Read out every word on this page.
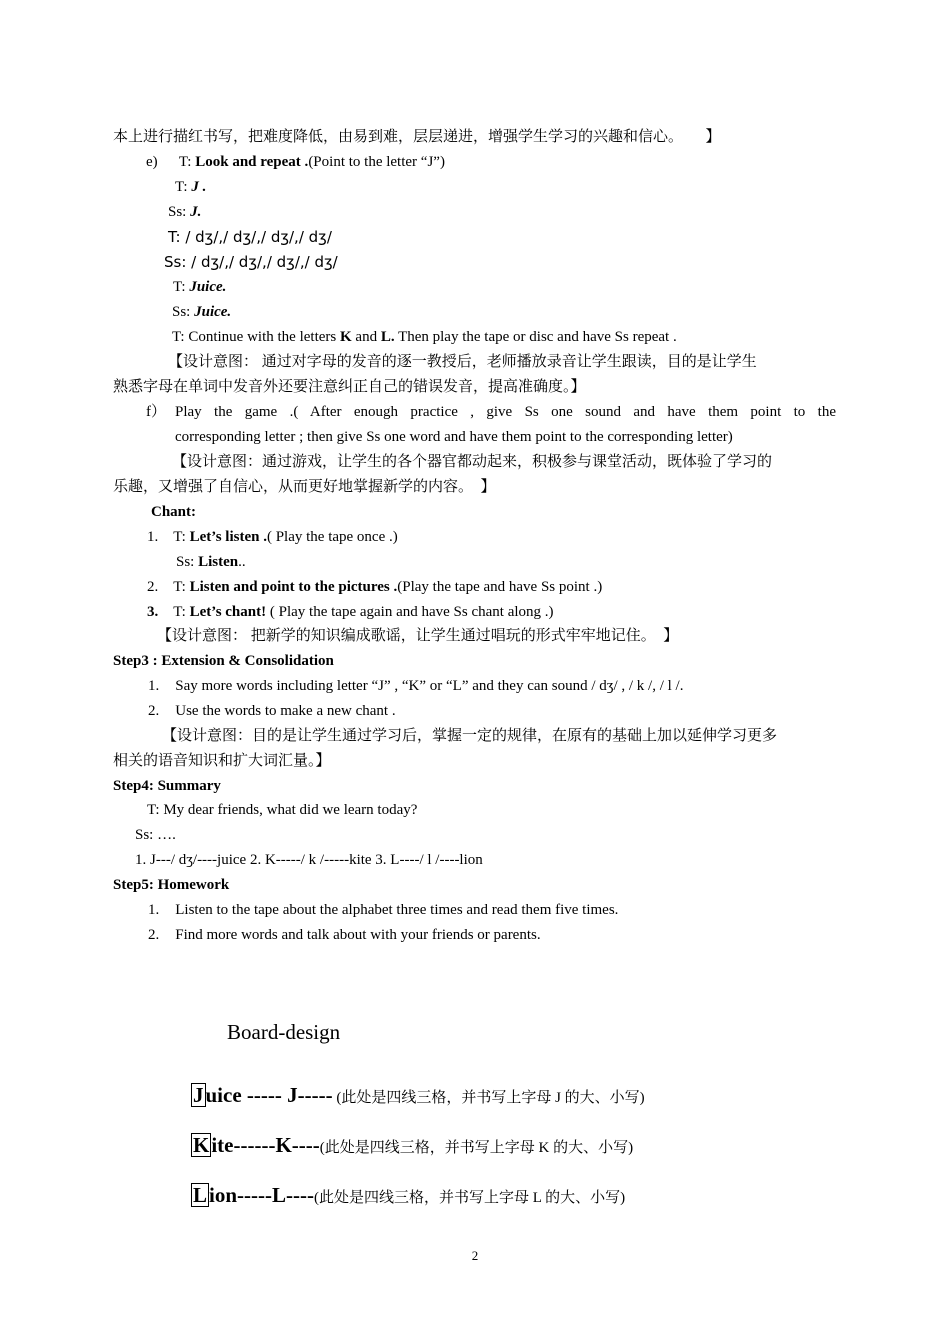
本上进行描红书写，把难度降低，由易到难，层层递进，增强学生学习的兴趣和信心。　　】
e) T: Look and repeat .(Point to the letter “J”)
T: J .
Ss: J.
T: / dʒ/,/ dʒ/,/ dʒ/,/ dʒ/
Ss: / dʒ/,/ dʒ/,/ dʒ/,/ dʒ/
T: Juice.
Ss: Juice.
T: Continue with the letters K and L. Then play the tape or disc and have Ss repeat .
【设计意图： 通过对字母的发音的逐一教授后，老师播放录音让学生跟读，目的是让学生
熟悉字母在单词中发音外还要注意纠正自己的错误发音，提高准确度。】
f） Play the game .( After enough practice , give Ss one sound and have them point to the
corresponding letter ; then give Ss one word and have them point to the corresponding letter)
【设计意图：通过游戏，让学生的各个器官都动起来，积极参与课堂活动，既体验了学习的
乐趣，又增强了自信心，从而更好地掌握新学的内容。　】
Chant:
1. T: Let’s listen .( Play the tape once .)
Ss: Listen..
2. T: Listen and point to the pictures .(Play the tape and have Ss point .)
3. T: Let’s chant! ( Play the tape again and have Ss chant along .)
【设计意图： 把新学的知识编成歌谣，让学生通过唱玩的形式牢牢地记住。　】
Step3 : Extension & Consolidation
1. Say more words including letter “J” , “K” or “L” and they can sound / dʒ/ , / k /, / l /.
2. Use the words to make a new chant .
【设计意图：目的是让学生通过学习后，掌握一定的规律，在原有的基础上加以延伸学习更多
相关的语音知识和扩大词汇量。】
Step4: Summary
T: My dear friends, what did we learn today?
Ss: ….
1. J---/ dʒ/----juice 2. K-----/ k /-----kite 3. L----/ l /----lion
Step5: Homework
1. Listen to the tape about the alphabet three times and read them five times.
2. Find more words and talk about with your friends or parents.
Board-design
Juice ----- J----- (此处是四线三格，并书写上字母 J 的大、小写)
Kite------K----(此处是四线三格，并书写上字母 K 的大、小写)
Lion-----L----(此处是四线三格，并书写上字母 L 的大、小写)
2
